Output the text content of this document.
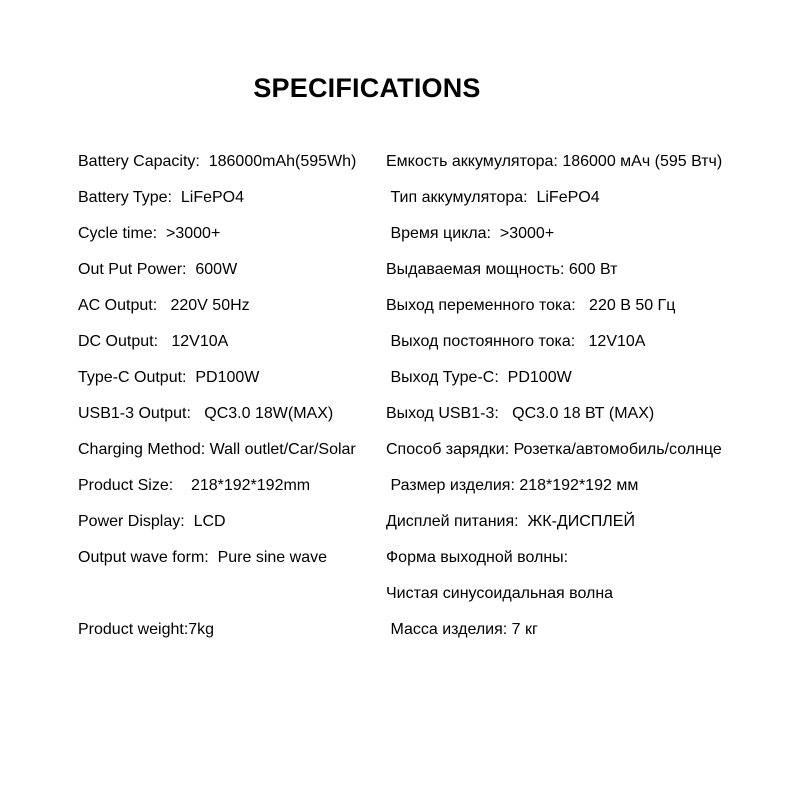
SPECIFICATIONS
Battery Capacity:  186000mAh(595Wh)
Battery Type:  LiFePO4
Cycle time:  >3000+
Out Put Power:  600W
AC Output:   220V 50Hz
DC Output:   12V10A
Type-C Output:  PD100W
USB1-3 Output:   QC3.0 18W(MAX)
Charging Method: Wall outlet/Car/Solar
Product Size:    218*192*192mm
Power Display:  LCD
Output wave form:  Pure sine wave
Product weight:7kg
Емкость аккумулятора: 186000 мАч (595 Втч)
Тип аккумулятора:  LiFePO4
Время цикла:  >3000+
Выдаваемая мощность: 600 Вт
Выход переменного тока:   220 В 50 Гц
Выход постоянного тока:   12V10A
Выход Type-C:  PD100W
Выход USB1-3:   QC3.0 18 ВТ (MAX)
Способ зарядки: Розетка/автомобиль/солнце
Размер изделия: 218*192*192 мм
Дисплей питания:  ЖК-ДИСПЛЕЙ
Форма выходной волны:
Чистая синусоидальная волна
Масса изделия: 7 кг
